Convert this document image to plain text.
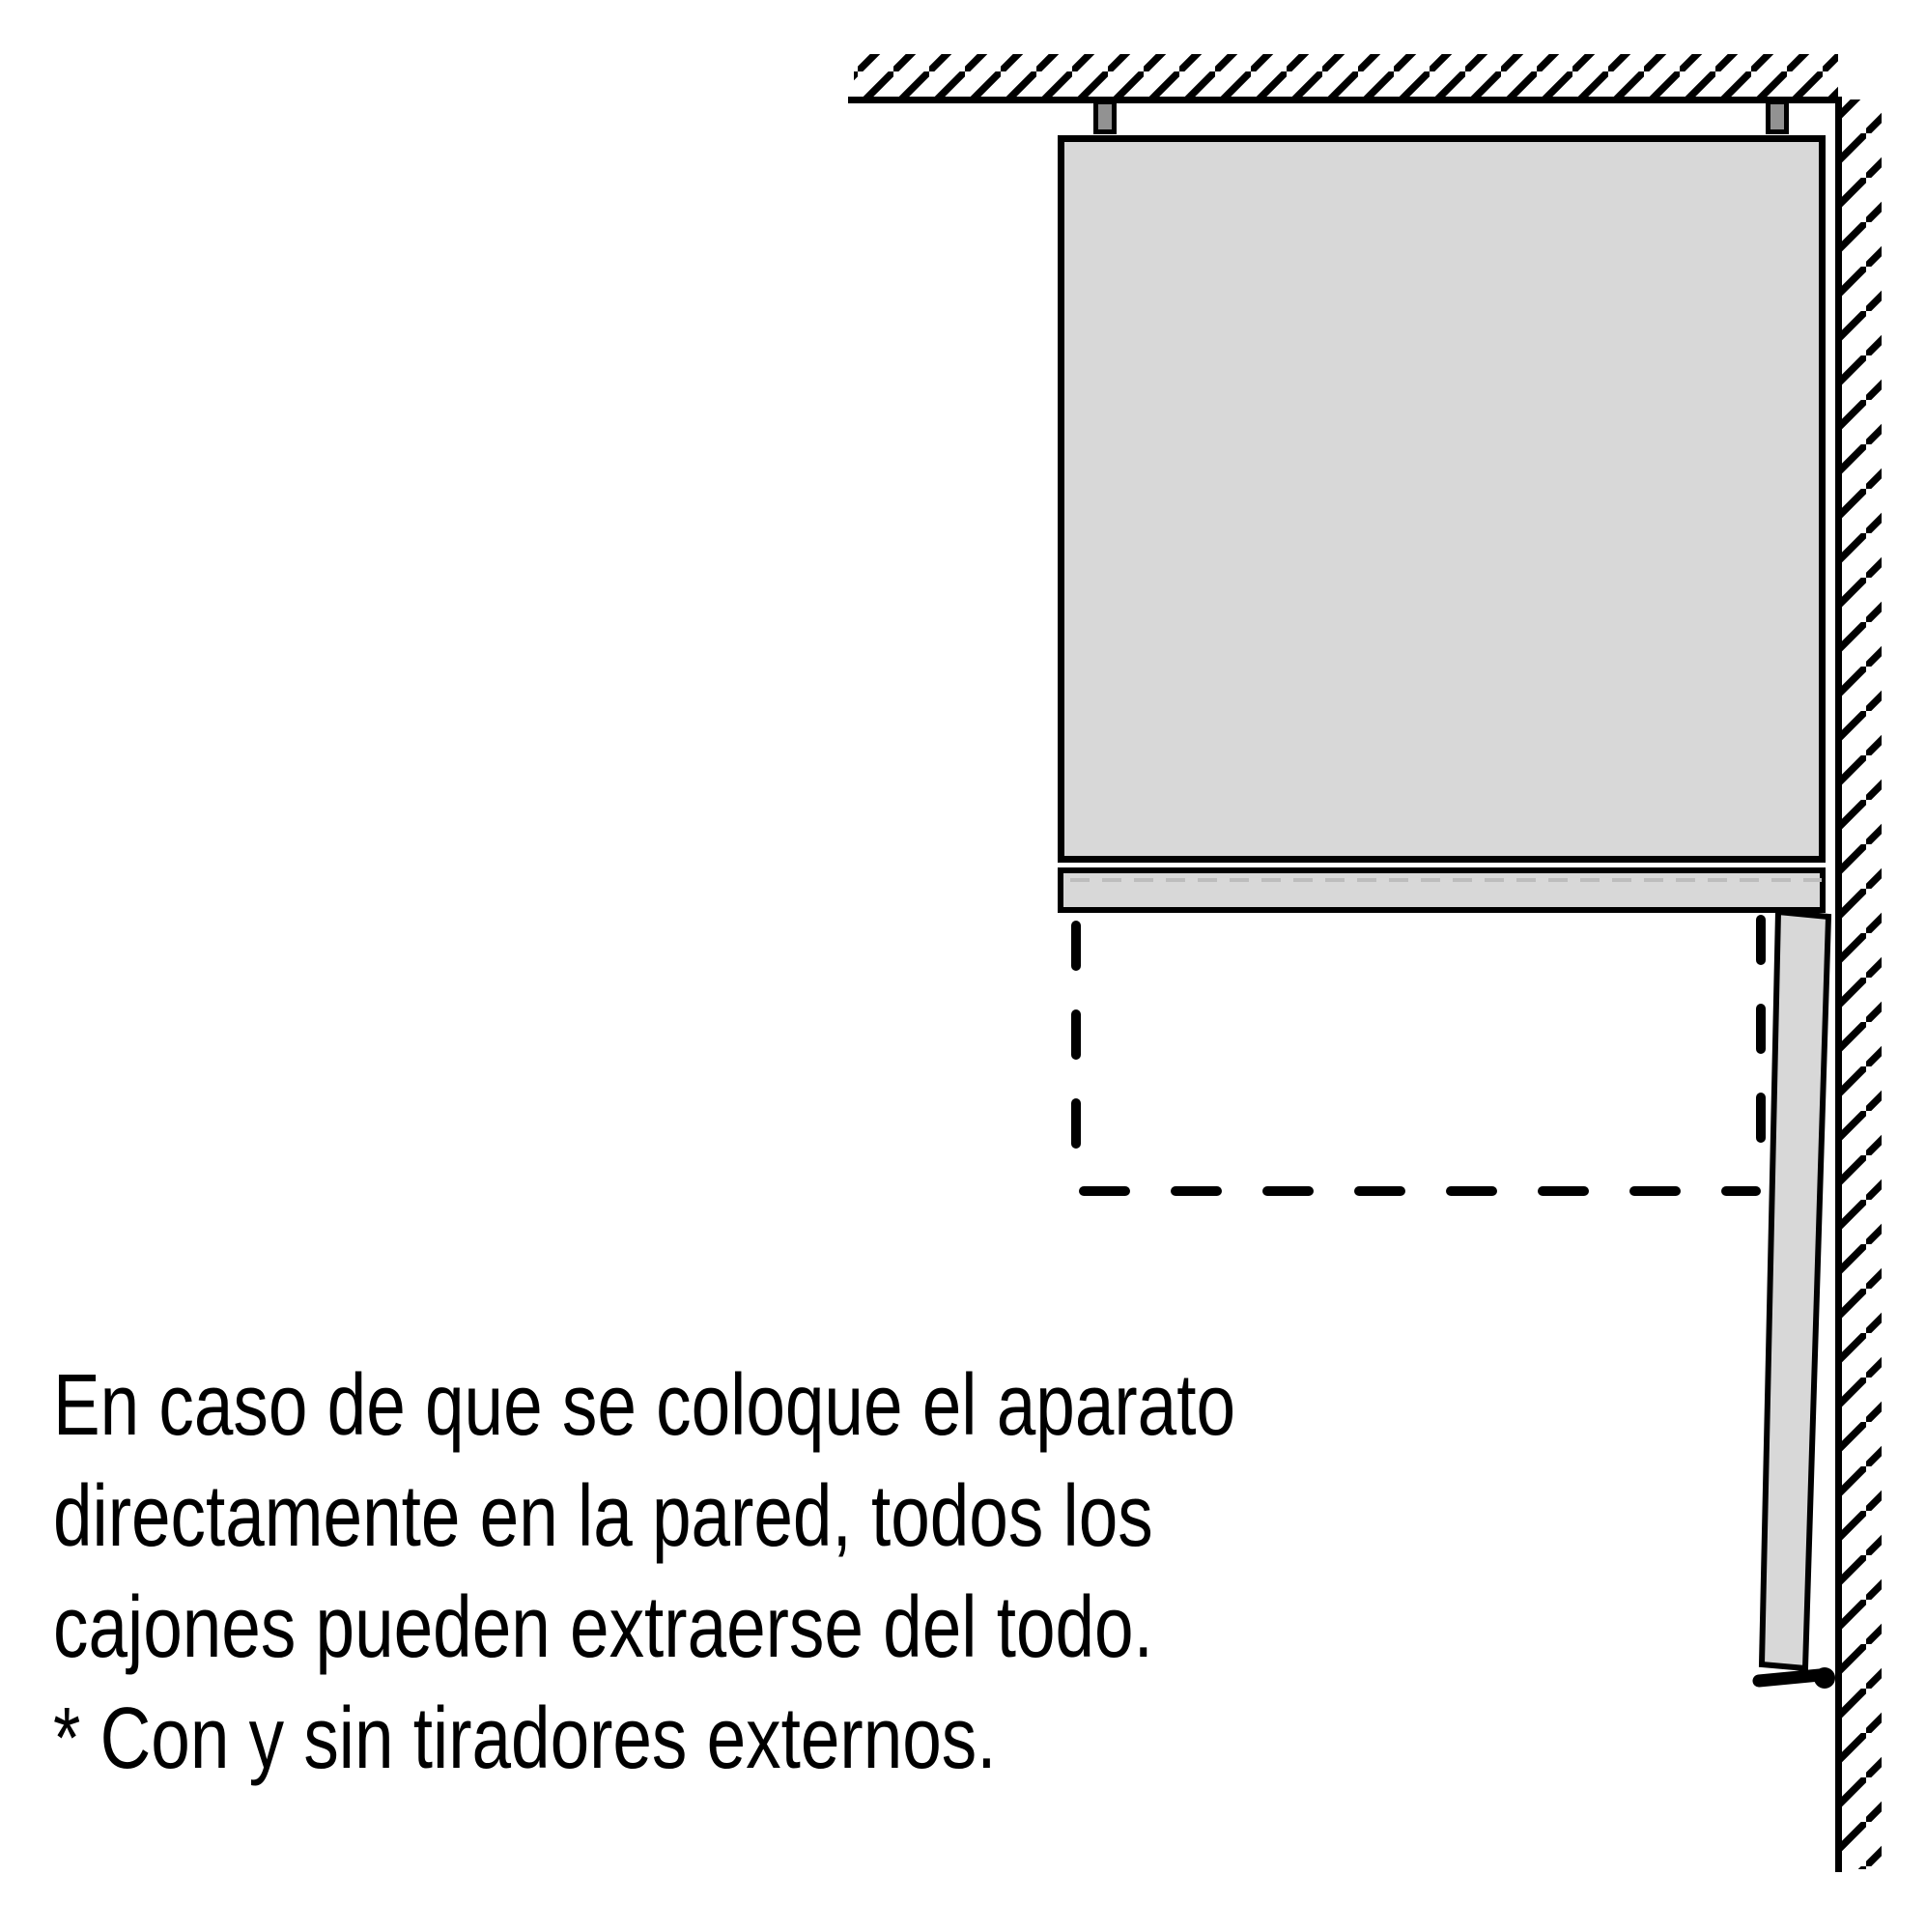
En caso de que se coloque el aparato
directamente en la pared, todos los
cajones pueden extraerse del todo.
* Con y sin tiradores externos.
